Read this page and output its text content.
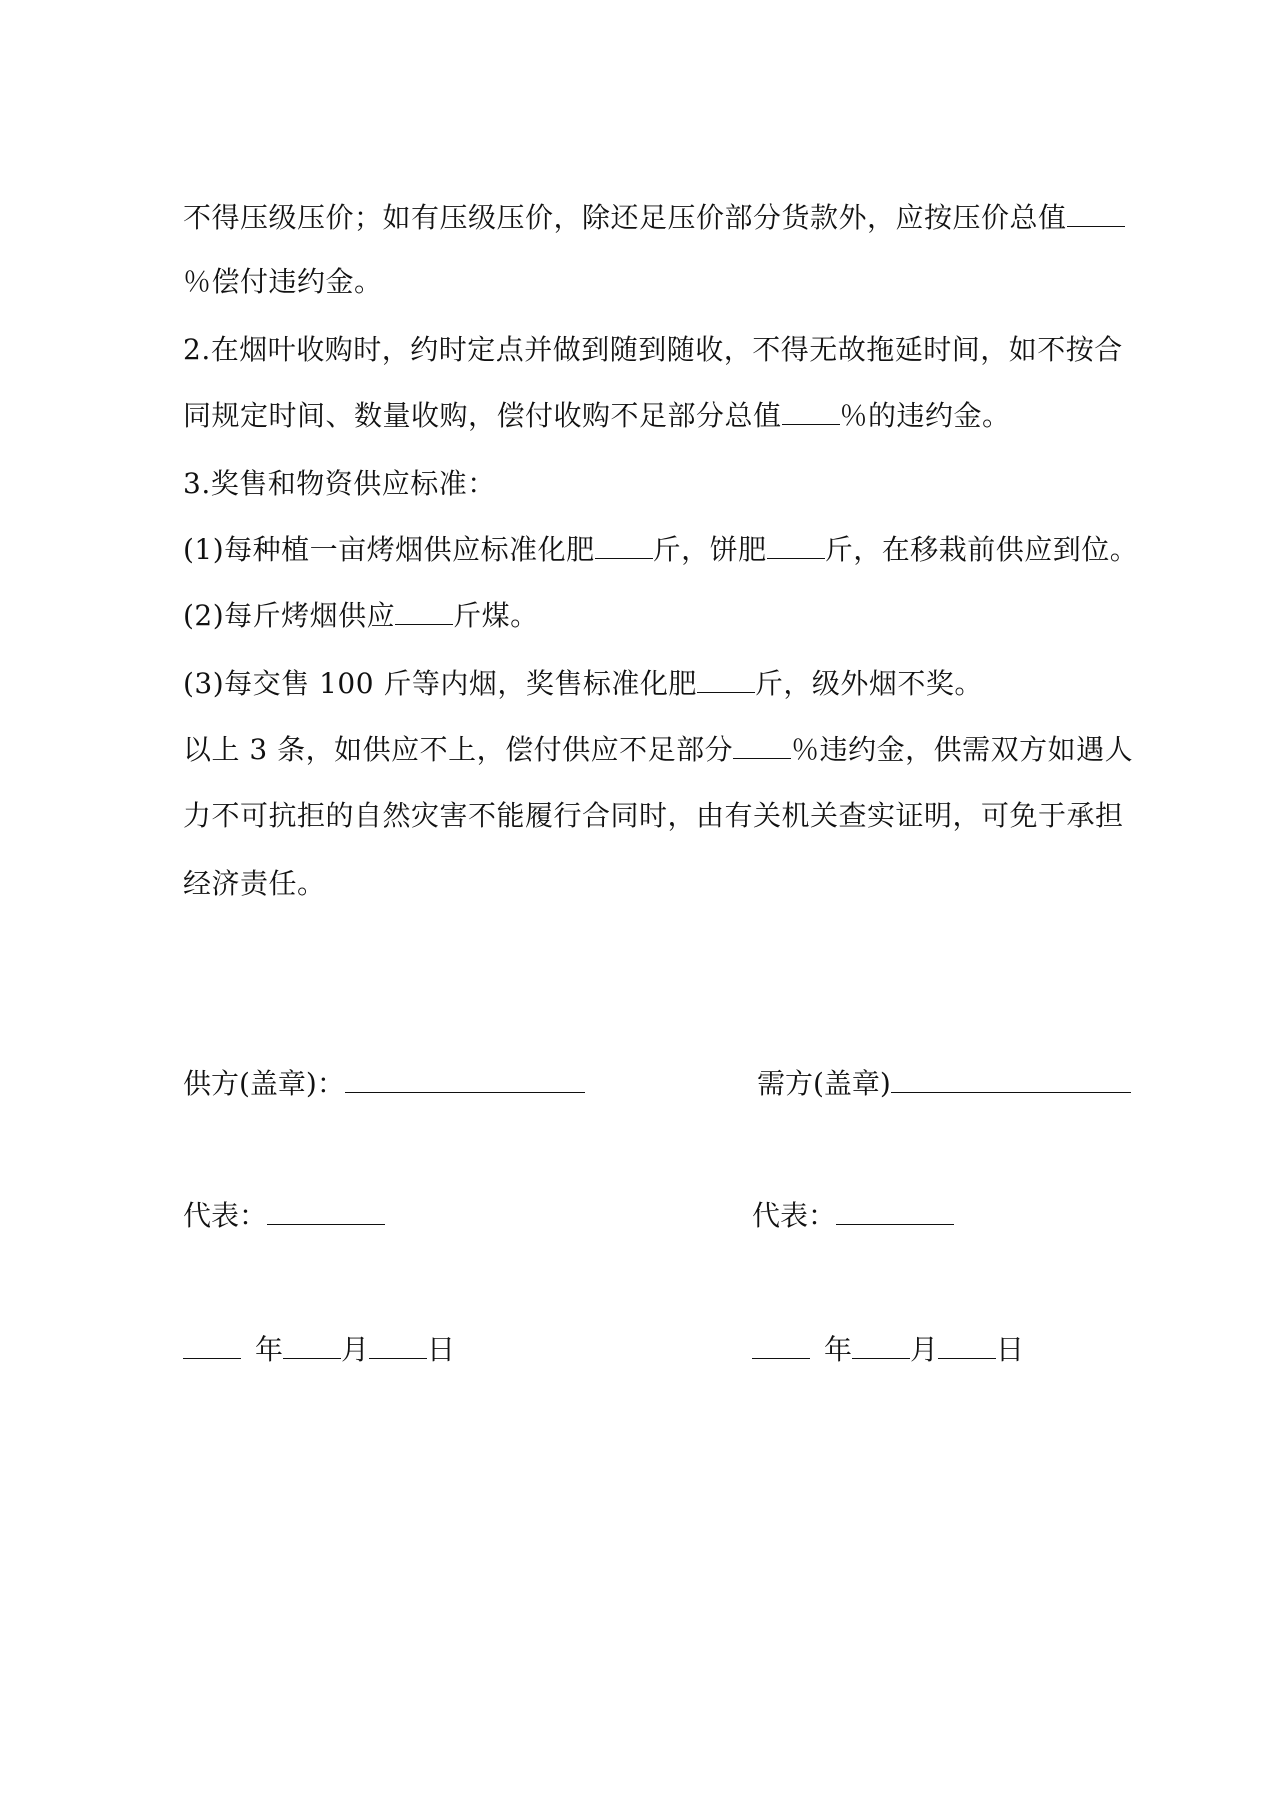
不得压级压价；如有压级压价，除还足压价部分货款外，应按压价总值
％偿付违约金。
2.在烟叶收购时，约时定点并做到随到随收，不得无故拖延时间，如不按合
同规定时间、数量收购，偿付收购不足部分总值 ％的违约金。
3.奖售和物资供应标准：
(1)每种植一亩烤烟供应标准化肥 斤，饼肥 斤，在移栽前供应到位。
(2)每斤烤烟供应 斤煤。
(3)每交售 100 斤等内烟，奖售标准化肥 斤，级外烟不奖。
以上 3 条，如供应不上，偿付供应不足部分 ％违约金，供需双方如遇人
力不可抗拒的自然灾害不能履行合同时，由有关机关查实证明，可免于承担
经济责任。
供方(盖章)：
代表：
年 月 日
需方(盖章)
代表：
年 月 日
